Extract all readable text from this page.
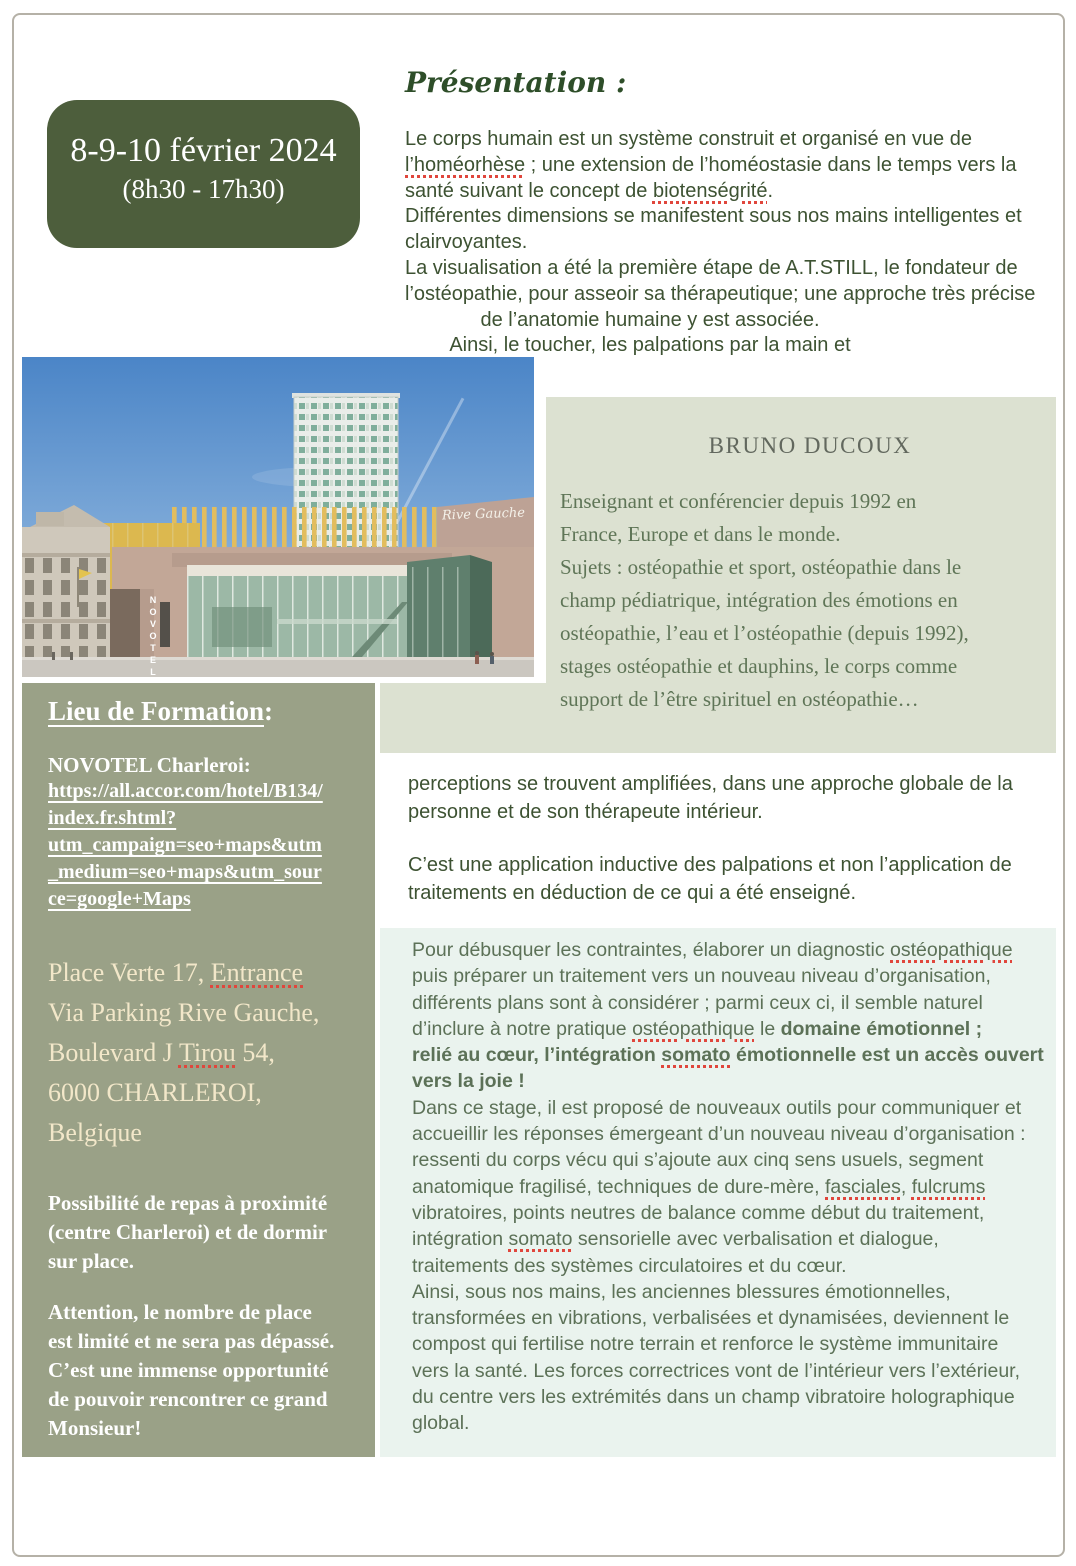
8-9-10 février 2024
(8h30 - 17h30)
Présentation :
Le corps humain est un système construit et organisé en vue de
l’homéorhèse ; une extension de l’homéostasie dans le temps vers la
santé suivant le concept de biotenségrité.
Différentes dimensions se manifestent sous nos mains intelligentes et
clairvoyantes.
La visualisation a été la première étape de A.T.STILL, le fondateur de
l’ostéopathie, pour asseoir sa thérapeutique; une approche très précise
de l’anatomie humaine y est associée.
Ainsi, le toucher, les palpations par la main et
BRUNO DUCOUX
Enseignant et conférencier depuis 1992 en
France, Europe et dans le monde.
Sujets : ostéopathie et sport, ostéopathie dans le
champ pédiatrique, intégration des émotions en
ostéopathie, l’eau et l’ostéopathie (depuis 1992),
stages ostéopathie et dauphins, le corps comme
support de l’être spirituel en ostéopathie…
NOVOTEL
Rive Gauche
Lieu de Formation:
NOVOTEL Charleroi:
https://all.accor.com/hotel/B134/
index.fr.shtml?
utm_campaign=seo+maps&utm
_medium=seo+maps&utm_sour
ce=google+Maps
Place Verte 17, Entrance
Via Parking Rive Gauche,
Boulevard J Tirou 54,
6000 CHARLEROI,
Belgique
Possibilité de repas à proximité
(centre Charleroi) et de dormir
sur place.
Attention, le nombre de place
est limité et ne sera pas dépassé.
C’est une immense opportunité
de pouvoir rencontrer ce grand
Monsieur!
perceptions se trouvent amplifiées, dans une approche globale de la
personne et de son thérapeute intérieur.
C’est une application inductive des palpations et non l’application de
traitements en déduction de ce qui a été enseigné.
Pour débusquer les contraintes, élaborer un diagnostic ostéopathique
puis préparer un traitement vers un nouveau niveau d’organisation,
différents plans sont à considérer ; parmi ceux ci, il semble naturel
d’inclure à notre pratique ostéopathique le domaine émotionnel ;
relié au cœur, l’intégration somato émotionnelle est un accès ouvert
vers la joie !
Dans ce stage, il est proposé de nouveaux outils pour communiquer et
accueillir les réponses émergeant d’un nouveau niveau d’organisation :
ressenti du corps vécu qui s’ajoute aux cinq sens usuels, segment
anatomique fragilisé, techniques de dure-mère, fasciales, fulcrums
vibratoires, points neutres de balance comme début du traitement,
intégration somato sensorielle avec verbalisation et dialogue,
traitements des systèmes circulatoires et du cœur.
Ainsi, sous nos mains, les anciennes blessures émotionnelles,
transformées en vibrations, verbalisées et dynamisées, deviennent le
compost qui fertilise notre terrain et renforce le système immunitaire
vers la santé. Les forces correctrices vont de l’intérieur vers l’extérieur,
du centre vers les extrémités dans un champ vibratoire holographique
global.
